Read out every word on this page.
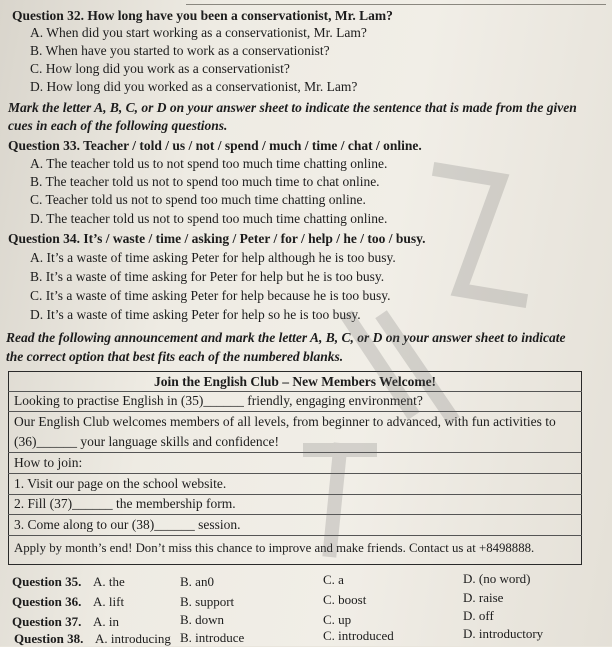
Question 32. How long have you been a conservationist, Mr. Lam?
A. When did you start working as a conservationist, Mr. Lam?
B. When have you started to work as a conservationist?
C. How long did you work as a conservationist?
D. How long did you worked as a conservationist, Mr. Lam?
Mark the letter A, B, C, or D on your answer sheet to indicate the sentence that is made from the given
cues in each of the following questions.
Question 33. Teacher / told / us / not / spend / much / time / chat / online.
A. The teacher told us to not spend too much time chatting online.
B. The teacher told us not to spend too much time to chat online.
C. Teacher told us not to spend too much time chatting online.
D. The teacher told us not to spend too much time chatting online.
Question 34. It’s / waste / time / asking / Peter / for / help / he / too / busy.
A. It’s a waste of time asking Peter for help although he is too busy.
B. It’s a waste of time asking for Peter for help but he is too busy.
C. It’s a waste of time asking Peter for help because he is too busy.
D. It’s a waste of time asking Peter for help so he is too busy.
Read the following announcement and mark the letter A, B, C, or D on your answer sheet to indicate
the correct option that best fits each of the numbered blanks.
Join the English Club – New Members Welcome!
Looking to practise English in (35)______ friendly, engaging environment?
Our English Club welcomes members of all levels, from beginner to advanced, with fun activities to
(36)______ your language skills and confidence!
How to join:
1. Visit our page on the school website.
2. Fill (37)______ the membership form.
3. Come along to our (38)______ session.
Apply by month’s end! Don’t miss this chance to improve and make friends. Contact us at +8498888.
Question 35. A. the	B. an0	C. a	D. (no word)
Question 36. A. lift	B. support	C. boost	D. raise
Question 37. A. in	B. down	C. up	D. off
Question 38. A. introducing B. introduce	C. introduced	D. introductory
